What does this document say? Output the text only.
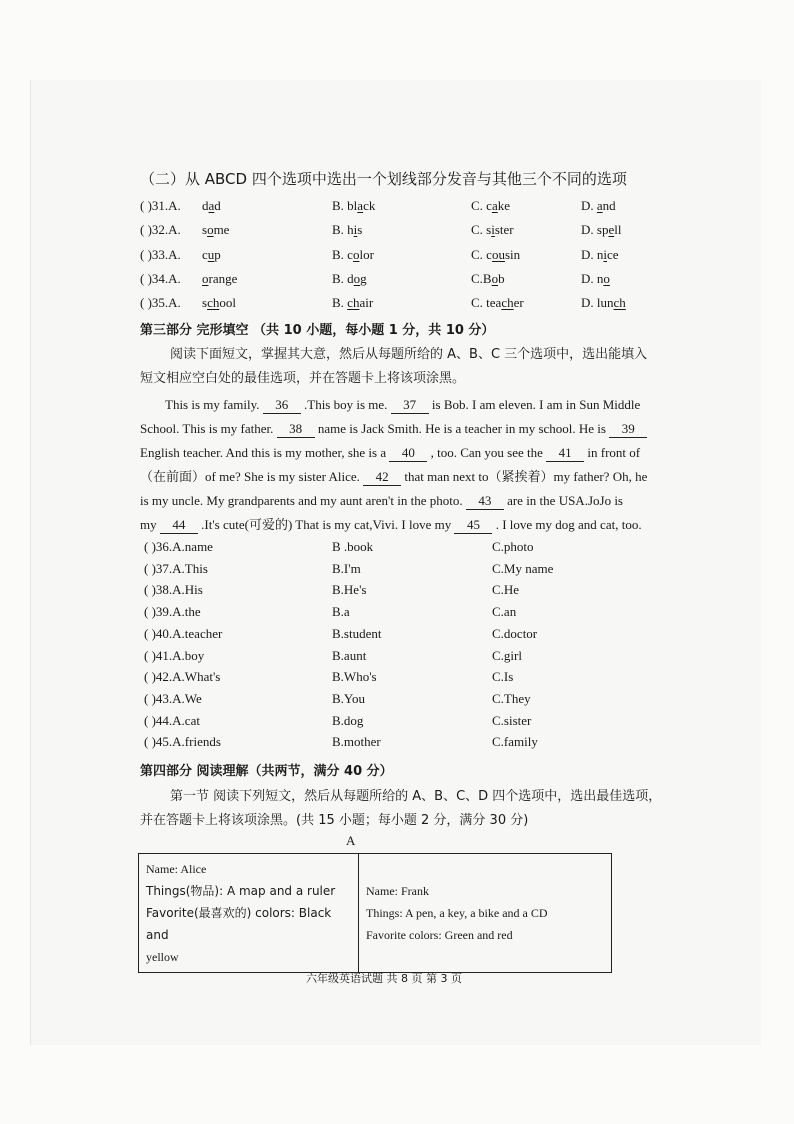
（二）从 ABCD 四个选项中选出一个划线部分发音与其他三个不同的选项
( )31.A. dad	B. black	C. cake	D. and
( )32.A. some	B. his	C. sister	D. spell
( )33.A. cup	B. color	C. cousin	D. nice
( )34.A. orange	B. dog	C.Bob	D. no
( )35.A. school	B. chair	C. teacher	D. lunch
第三部分 完形填空 （共 10 小题，每小题 1 分，共 10 分）
阅读下面短文，掌握其大意，然后从每题所给的 A、B、C 三个选项中，选出能填入
短文相应空白处的最佳选项，并在答题卡上将该项涂黑。
This is my family. 36 .This boy is me. 37 is Bob. I am eleven. I am in Sun Middle
School. This is my father. 38 name is Jack Smith. He is a teacher in my school. He is 39
English teacher. And this is my mother, she is a 40 , too. Can you see the 41 in front of
（在前面）of me? She is my sister Alice. 42 that man next to（紧挨着）my father? Oh, he
is my uncle. My grandparents and my aunt aren't in the photo. 43 are in the USA.JoJo is
my 44 .It's cute(可爱的) That is my cat,Vivi. I love my 45 . I love my dog and cat, too.
( )36.A.name	B .book	C.photo
( )37.A.This	B.I'm	C.My name
( )38.A.His	B.He's	C.He
( )39.A.the	B.a	C.an
( )40.A.teacher	B.student	C.doctor
( )41.A.boy	B.aunt	C.girl
( )42.A.What's	B.Who's	C.Is
( )43.A.We	B.You	C.They
( )44.A.cat	B.dog	C.sister
( )45.A.friends	B.mother	C.family
第四部分 阅读理解（共两节，满分 40 分）
第一节 阅读下列短文，然后从每题所给的 A、B、C、D 四个选项中，选出最佳选项，
并在答题卡上将该项涂黑。(共 15 小题；每小题 2 分，满分 30 分)
A
Name: Alice
Things(物品): A map and a ruler
Favorite(最喜欢的) colors: Black and
yellow

Name: Frank
Things: A pen, a key, a bike and a CD
Favorite colors: Green and red
六年级英语试题 共 8 页 第 3 页
